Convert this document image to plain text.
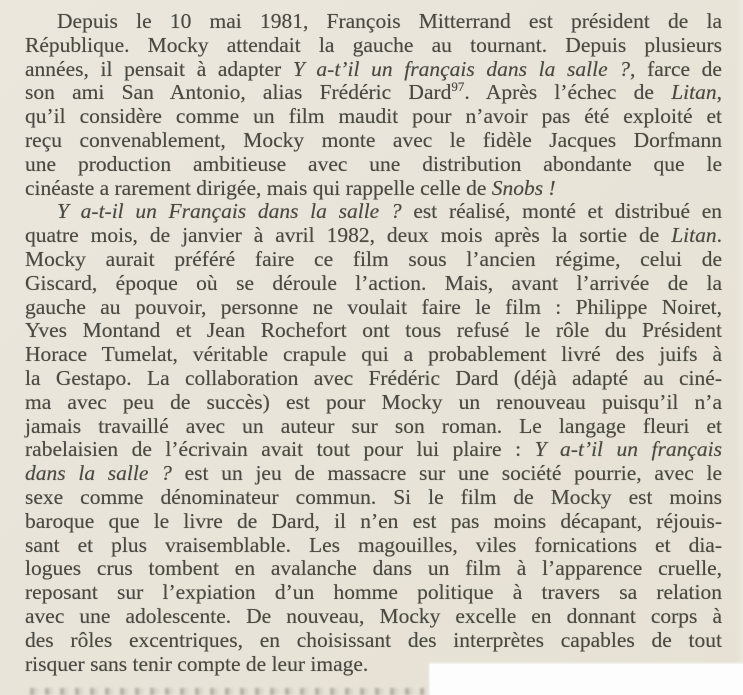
Depuis le 10 mai 1981, François Mitterrand est président de la
République. Mocky attendait la gauche au tournant. Depuis plusieurs
années, il pensait à adapter Y a-t’il un français dans la salle ?, farce de
son ami San Antonio, alias Frédéric Dard$^{97}$. Après l’échec de Litan,
qu’il considère comme un film maudit pour n’avoir pas été exploité et
reçu convenablement, Mocky monte avec le fidèle Jacques Dorfmann
une production ambitieuse avec une distribution abondante que le
cinéaste a rarement dirigée, mais qui rappelle celle de Snobs !
Y a-t-il un Français dans la salle ? est réalisé, monté et distribué en
quatre mois, de janvier à avril 1982, deux mois après la sortie de Litan.
Mocky aurait préféré faire ce film sous l’ancien régime, celui de
Giscard, époque où se déroule l’action. Mais, avant l’arrivée de la
gauche au pouvoir, personne ne voulait faire le film : Philippe Noiret,
Yves Montand et Jean Rochefort ont tous refusé le rôle du Président
Horace Tumelat, véritable crapule qui a probablement livré des juifs à
la Gestapo. La collaboration avec Frédéric Dard (déjà adapté au ciné-
ma avec peu de succès) est pour Mocky un renouveau puisqu’il n’a
jamais travaillé avec un auteur sur son roman. Le langage fleuri et
rabelaisien de l’écrivain avait tout pour lui plaire : Y a-t’il un français
dans la salle ? est un jeu de massacre sur une société pourrie, avec le
sexe comme dénominateur commun. Si le film de Mocky est moins
baroque que le livre de Dard, il n’en est pas moins décapant, réjouis-
sant et plus vraisemblable. Les magouilles, viles fornications et dia-
logues crus tombent en avalanche dans un film à l’apparence cruelle,
reposant sur l’expiation d’un homme politique à travers sa relation
avec une adolescente. De nouveau, Mocky excelle en donnant corps à
des rôles excentriques, en choisissant des interprètes capables de tout
risquer sans tenir compte de leur image.
